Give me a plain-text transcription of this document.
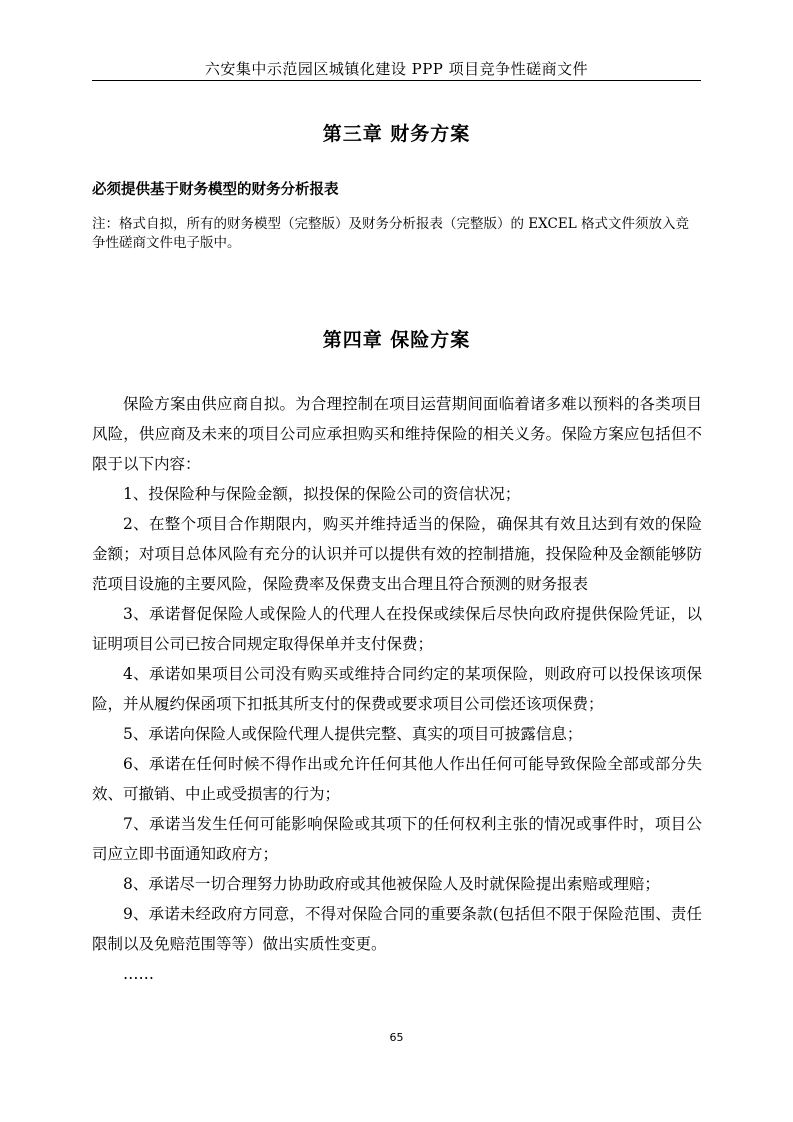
六安集中示范园区城镇化建设 PPP 项目竞争性磋商文件
第三章 财务方案
必须提供基于财务模型的财务分析报表
注：格式自拟，所有的财务模型（完整版）及财务分析报表（完整版）的 EXCEL 格式文件须放入竞争性磋商文件电子版中。
第四章 保险方案

保险方案由供应商自拟。为合理控制在项目运营期间面临着诸多难以预料的各类项目风险，供应商及未来的项目公司应承担购买和维持保险的相关义务。保险方案应包括但不限于以下内容：

1、投保险种与保险金额，拟投保的保险公司的资信状况；

2、在整个项目合作期限内，购买并维持适当的保险，确保其有效且达到有效的保险金额；对项目总体风险有充分的认识并可以提供有效的控制措施，投保险种及金额能够防范项目设施的主要风险，保险费率及保费支出合理且符合预测的财务报表

3、承诺督促保险人或保险人的代理人在投保或续保后尽快向政府提供保险凭证，以证明项目公司已按合同规定取得保单并支付保费；

4、承诺如果项目公司没有购买或维持合同约定的某项保险，则政府可以投保该项保险，并从履约保函项下扣抵其所支付的保费或要求项目公司偿还该项保费；

5、承诺向保险人或保险代理人提供完整、真实的项目可披露信息；

6、承诺在任何时候不得作出或允许任何其他人作出任何可能导致保险全部或部分失效、可撤销、中止或受损害的行为；

7、承诺当发生任何可能影响保险或其项下的任何权利主张的情况或事件时，项目公司应立即书面通知政府方；

8、承诺尽一切合理努力协助政府或其他被保险人及时就保险提出索赔或理赔；

9、承诺未经政府方同意，不得对保险合同的重要条款(包括但不限于保险范围、责任限制以及免赔范围等等）做出实质性变更。

……

65
